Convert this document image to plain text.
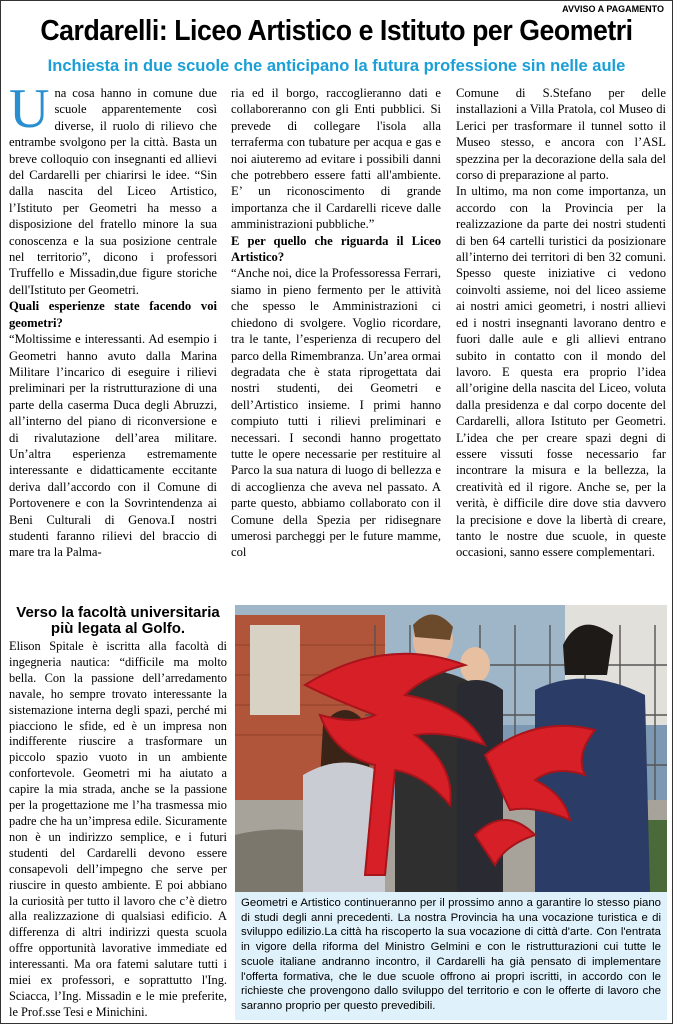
AVVISO A PAGAMENTO
Cardarelli: Liceo Artistico e Istituto per Geometri
Inchiesta in due scuole che anticipano la futura professione sin nelle aule
U na cosa hanno in comune due scuole apparentemente così diverse, il ruolo di rilievo che entrambe svolgono per la città. Basta un breve colloquio con insegnanti ed allievi del Cardarelli per chiarirsi le idee. “Sin dalla nascita del Liceo Artistico, l’Istituto per Geometri ha messo a disposizione del fratello minore la sua conoscenza e la sua posizione centrale nel territorio”, dicono i professori Truffello e Missadin,due figure storiche dell'Istituto per Geometri.

Quali esperienze state facendo voi geometri?

“Moltissime e interessanti. Ad esempio i Geometri hanno avuto dalla Marina Militare l’incarico di eseguire i rilievi preliminari per la ristrutturazione di una parte della caserma Duca degli Abruzzi, all’interno del piano di riconversione e di rivalutazione dell’area militare. Un’altra esperienza estremamente interessante e didatticamente eccitante deriva dall’accordo con il Comune di Portovenere e con la Sovrintendenza ai Beni Culturali di Genova.I nostri studenti faranno rilievi del braccio di mare tra la Palma-

ria ed il borgo, raccoglieranno dati e collaboreranno con gli Enti pubblici. Si prevede di collegare l'isola alla terraferma con tubature per acqua e gas e noi aiuteremo ad evitare i possibili danni che potrebbero essere fatti all'ambiente. E’ un riconoscimento di grande importanza che il Cardarelli riceve dalle amministrazioni pubbliche.”

E per quello che riguarda il Liceo Artistico?

“Anche noi, dice la Professoressa Ferrari, siamo in pieno fermento per le attività che spesso le Amministrazioni ci chiedono di svolgere. Voglio ricordare, tra le tante, l’esperienza di recupero del parco della Rimembranza. Un’area ormai degradata che è stata riprogettata dai nostri studenti, dei Geometri e dell’Artistico insieme. I primi hanno compiuto tutti i rilievi preliminari e necessari. I secondi hanno progettato tutte le opere necessarie per restituire al Parco la sua natura di luogo di bellezza e di accoglienza che aveva nel passato. A parte questo, abbiamo collaborato con il Comune della Spezia per ridisegnare umerosi parcheggi per le future mamme, col

Comune di S.Stefano per delle installazioni a Villa Pratola, col Museo di Lerici per trasformare il tunnel sotto il Museo stesso, e ancora con l’ASL spezzina per la decorazione della sala del corso di preparazione al parto.

In ultimo, ma non come importanza, un accordo con la Provincia per la realizzazione da parte dei nostri studenti di ben 64 cartelli turistici da posizionare all’interno dei territori di ben 32 comuni. Spesso queste iniziative ci vedono coinvolti assieme, noi del liceo assieme ai nostri amici geometri, i nostri allievi ed i nostri insegnanti lavorano dentro e fuori dalle aule e gli allievi entrano subito in contatto con il mondo del lavoro. E questa era proprio l’idea all’origine della nascita del Liceo, voluta dalla presidenza e dal corpo docente del Cardarelli, allora Istituto per Geometri. L’idea che per creare spazi degni di essere vissuti fosse necessario far incontrare la misura e la bellezza, la creatività ed il rigore. Anche se, per la verità, è difficile dire dove stia davvero la precisione e dove la libertà di creare, tanto le nostre due scuole, in queste occasioni, sanno essere complementari.

Verso la facoltà universitaria più legata al Golfo.

Elison Spitale è iscritta alla facoltà di ingegneria nautica: “difficile ma molto bella. Con la passione dell’arredamento navale, ho sempre trovato interessante la sistemazione interna degli spazi, perché mi piacciono le sfide, ed è un impresa non indifferente riuscire a trasformare un piccolo spazio vuoto in un ambiente confortevole. Geometri mi ha aiutato a capire la mia strada, anche se la passione per la progettazione me l’ha trasmessa mio padre che ha un’impresa edile. Sicuramente non è un indirizzo semplice, e i futuri studenti del Cardarelli devono essere consapevoli dell’impegno che serve per riuscire in questo ambiente. E poi abbiano la curiosità per tutto il lavoro che c’è dietro alla realizzazione di qualsiasi edificio. A differenza di altri indirizzi questa scuola offre opportunità lavorative immediate ed interessanti. Ma ora fatemi salutare tutti i miei ex professori, e soprattutto l'Ing. Sciacca, l’Ing. Missadin e le mie preferite, le Prof.sse Tesi e Minichini.

Geometri e Artistico continueranno per il prossimo anno a garantire lo stesso piano di studi degli anni precedenti. La nostra Provincia ha una vocazione turistica e di sviluppo edilizio.La città ha riscoperto la sua vocazione di città d'arte. Con l'entrata in vigore della riforma del Ministro Gelmini e con le ristrutturazioni cui tutte le scuole italiane andranno incontro, il Cardarelli ha già pensato di implementare l'offerta formativa, che le due scuole offrono ai propri iscritti, in accordo con le richieste che provengono dallo sviluppo del territorio e con le offerte di lavoro che saranno proprio per questo prevedibili.
